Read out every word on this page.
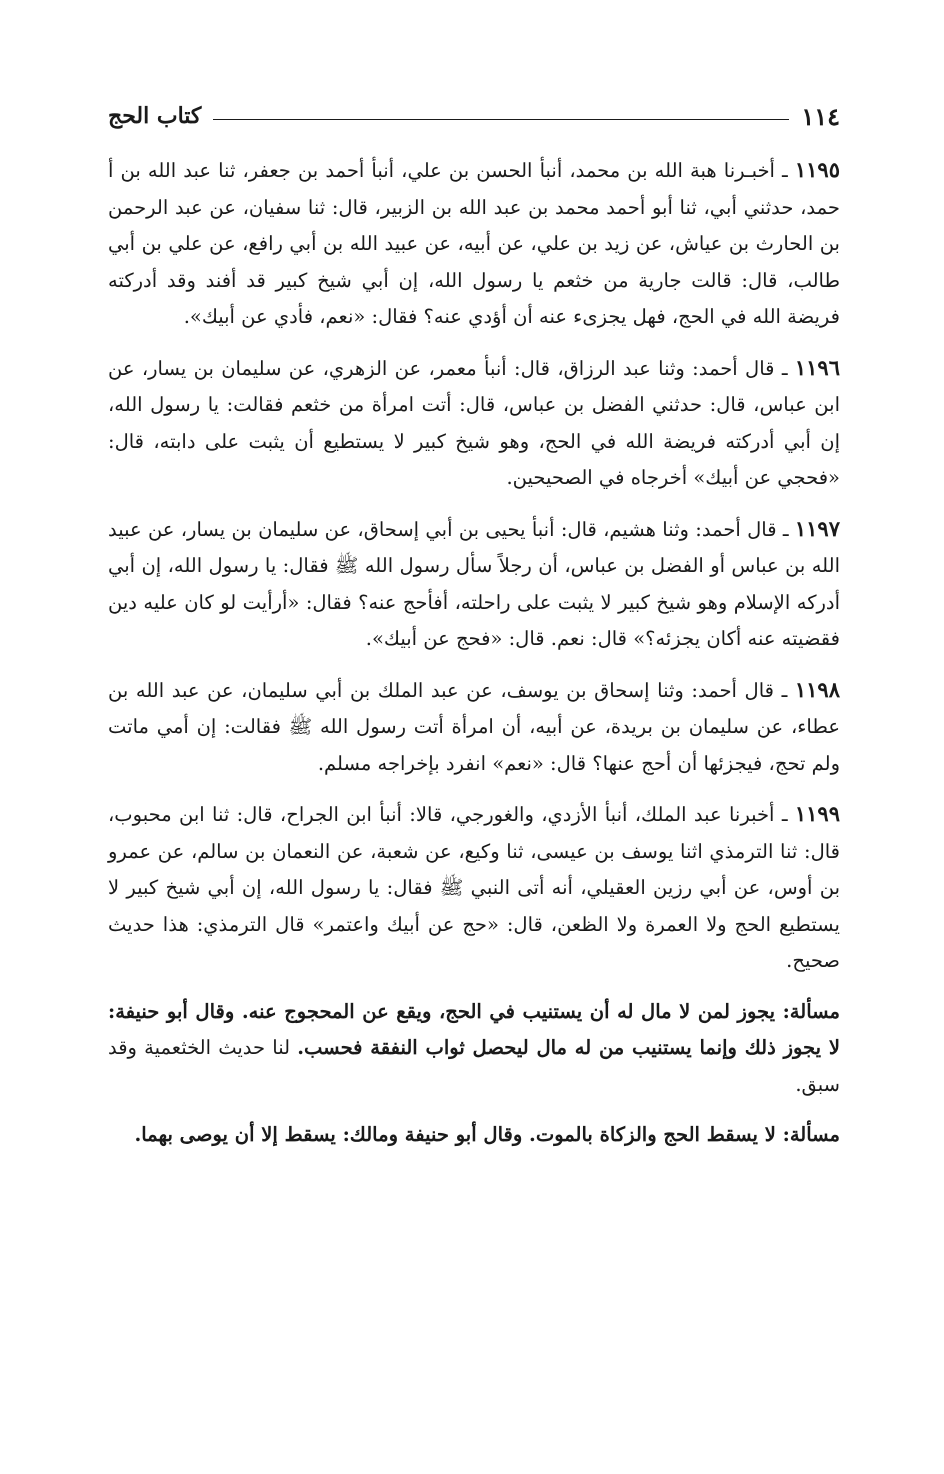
١١٤
كتاب الحج

١١٩٥ ـ أخبـرنا هبة الله بن محمد، أنبأ الحسن بن علي، أنبأ أحمد بن جعفر، ثنا عبد الله بن أ حمد، حدثني أبي، ثنا أبو أحمد محمد بن عبد الله بن الزبير، قال: ثنا سفيان، عن عبد الرحمن بن الحارث بن عياش، عن زيد بن علي، عن أبيه، عن عبيد الله بن أبي رافع، عن علي بن أبي طالب، قال: قالت جارية من خثعم يا رسول الله، إن أبي شيخ كبير قد أفند وقد أدركته فريضة الله في الحج، فهل يجزىء عنه أن أؤدي عنه؟ فقال: «نعم، فأدي عن أبيك».

١١٩٦ ـ قال أحمد: وثنا عبد الرزاق، قال: أنبأ معمر، عن الزهري، عن سليمان بن يسار، عن ابن عباس، قال: حدثني الفضل بن عباس، قال: أتت امرأة من خثعم فقالت: يا رسول الله، إن أبي أدركته فريضة الله في الحج، وهو شيخ كبير لا يستطيع أن يثبت على دابته، قال: «فحجي عن أبيك» أخرجاه في الصحيحين.

١١٩٧ ـ قال أحمد: وثنا هشيم، قال: أنبأ يحيى بن أبي إسحاق، عن سليمان بن يسار، عن عبيد الله بن عباس أو الفضل بن عباس، أن رجلاً سأل رسول الله ﷺ فقال: يا رسول الله، إن أبي أدركه الإسلام وهو شيخ كبير لا يثبت على راحلته، أفأحج عنه؟ فقال: «أرأيت لو كان عليه دين فقضيته عنه أكان يجزئه؟» قال: نعم. قال: «فحج عن أبيك».

١١٩٨ ـ قال أحمد: وثنا إسحاق بن يوسف، عن عبد الملك بن أبي سليمان، عن عبد الله بن عطاء، عن سليمان بن بريدة، عن أبيه، أن امرأة أتت رسول الله ﷺ فقالت: إن أمي ماتت ولم تحج، فيجزئها أن أحج عنها؟ قال: «نعم» انفرد بإخراجه مسلم.

١١٩٩ ـ أخبرنا عبد الملك، أنبأ الأزدي، والغورجي، قالا: أنبأ ابن الجراح، قال: ثنا ابن محبوب، قال: ثنا الترمذي اثنا يوسف بن عيسى، ثنا وكيع، عن شعبة، عن النعمان بن سالم، عن عمرو بن أوس، عن أبي رزين العقيلي، أنه أتى النبي ﷺ فقال: يا رسول الله، إن أبي شيخ كبير لا يستطيع الحج ولا العمرة ولا الظعن، قال: «حج عن أبيك واعتمر» قال الترمذي: هذا حديث صحيح.

مسألة: يجوز لمن لا مال له أن يستنيب في الحج، ويقع عن المحجوج عنه. وقال أبو حنيفة: لا يجوز ذلك وإنما يستنيب من له مال ليحصل ثواب النفقة فحسب. لنا حديث الخثعمية وقد سبق.

مسألة: لا يسقط الحج والزكاة بالموت. وقال أبو حنيفة ومالك: يسقط إلا أن يوصى بهما.
